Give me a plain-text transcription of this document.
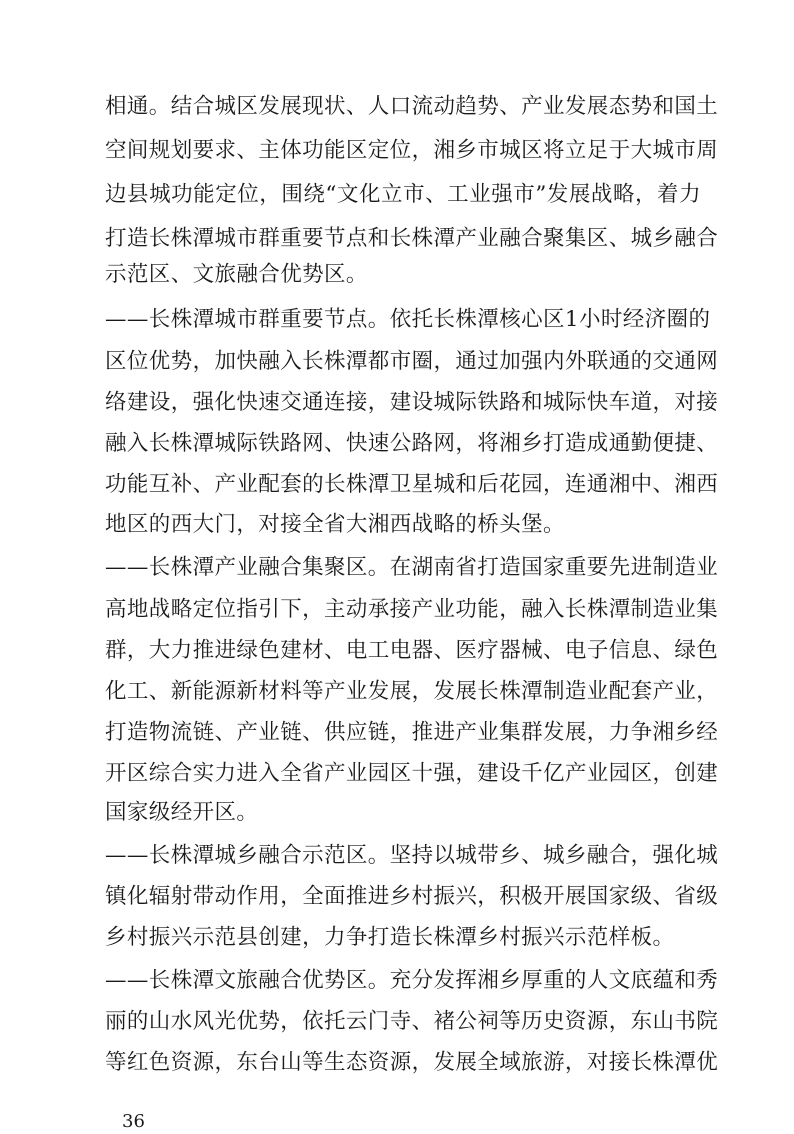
相通。结合城区发展现状、人口流动趋势、产业发展态势和国土
空间规划要求、主体功能区定位，湘乡市城区将立足于大城市周
边县城功能定位，围绕“文化立市、工业强市”发展战略，着力
打造长株潭城市群重要节点和长株潭产业融合聚集区、城乡融合
示范区、文旅融合优势区。
——长株潭城市群重要节点。依托长株潭核心区1小时经济圈的
区位优势，加快融入长株潭都市圈，通过加强内外联通的交通网
络建设，强化快速交通连接，建设城际铁路和城际快车道，对接
融入长株潭城际铁路网、快速公路网，将湘乡打造成通勤便捷、
功能互补、产业配套的长株潭卫星城和后花园，连通湘中、湘西
地区的西大门，对接全省大湘西战略的桥头堡。
——长株潭产业融合集聚区。在湖南省打造国家重要先进制造业
高地战略定位指引下，主动承接产业功能，融入长株潭制造业集
群，大力推进绿色建材、电工电器、医疗器械、电子信息、绿色
化工、新能源新材料等产业发展，发展长株潭制造业配套产业，
打造物流链、产业链、供应链，推进产业集群发展，力争湘乡经
开区综合实力进入全省产业园区十强，建设千亿产业园区，创建
国家级经开区。
——长株潭城乡融合示范区。坚持以城带乡、城乡融合，强化城
镇化辐射带动作用，全面推进乡村振兴，积极开展国家级、省级
乡村振兴示范县创建，力争打造长株潭乡村振兴示范样板。
——长株潭文旅融合优势区。充分发挥湘乡厚重的人文底蕴和秀
丽的山水风光优势，依托云门寺、褚公祠等历史资源，东山书院
等红色资源，东台山等生态资源，发展全域旅游，对接长株潭优
36
